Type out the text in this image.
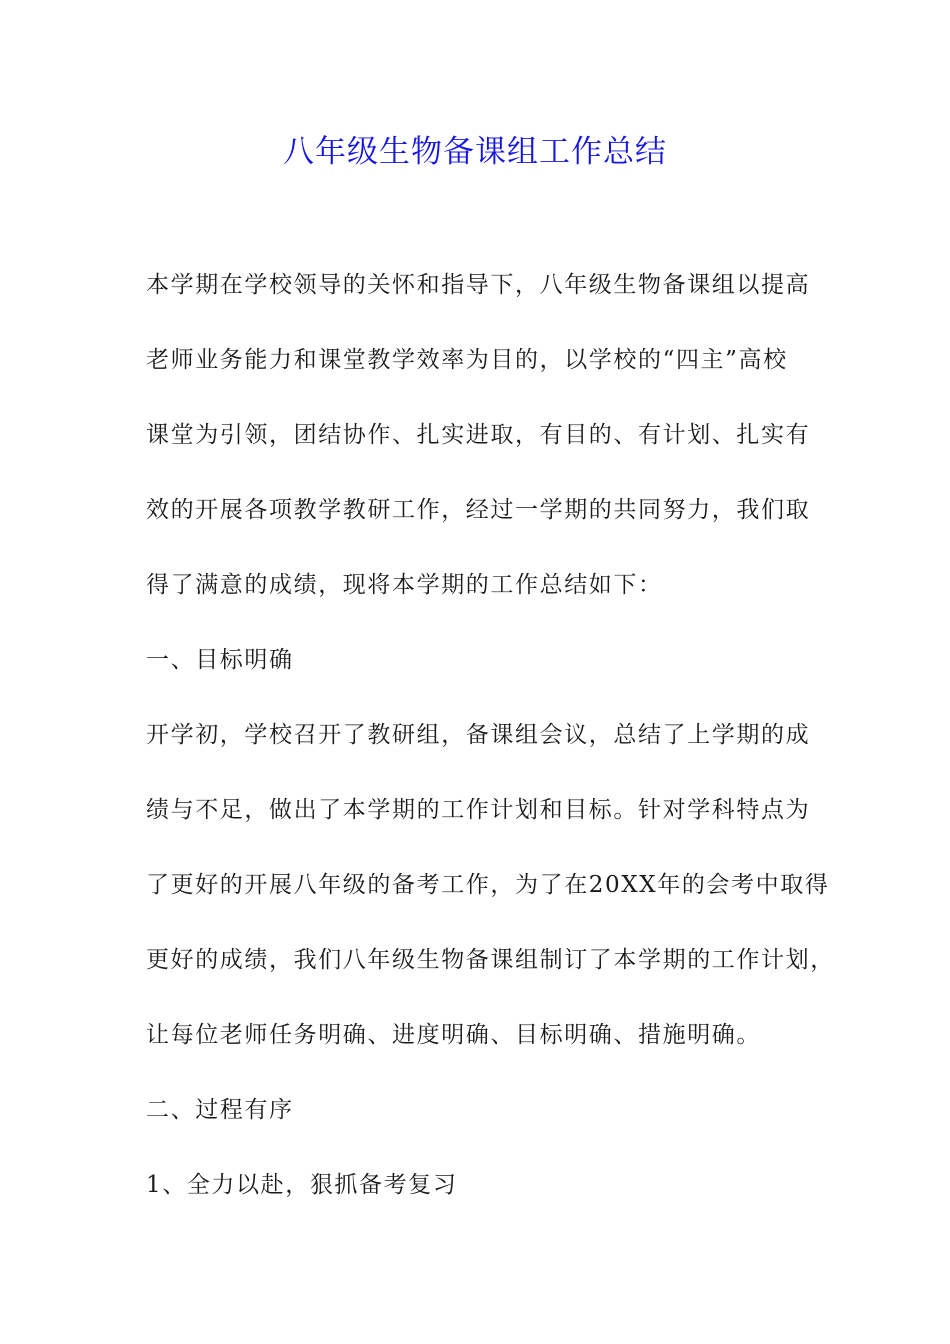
八年级生物备课组工作总结

本学期在学校领导的关怀和指导下，八年级生物备课组以提高

老师业务能力和课堂教学效率为目的，以学校的“四主”高校

课堂为引领，团结协作、扎实进取，有目的、有计划、扎实有

效的开展各项教学教研工作，经过一学期的共同努力，我们取

得了满意的成绩，现将本学期的工作总结如下：

一、目标明确

开学初，学校召开了教研组，备课组会议，总结了上学期的成

绩与不足，做出了本学期的工作计划和目标。针对学科特点为

了更好的开展八年级的备考工作，为了在20XX年的会考中取得

更好的成绩，我们八年级生物备课组制订了本学期的工作计划，

让每位老师任务明确、进度明确、目标明确、措施明确。

二、过程有序

1、全力以赴，狠抓备考复习
